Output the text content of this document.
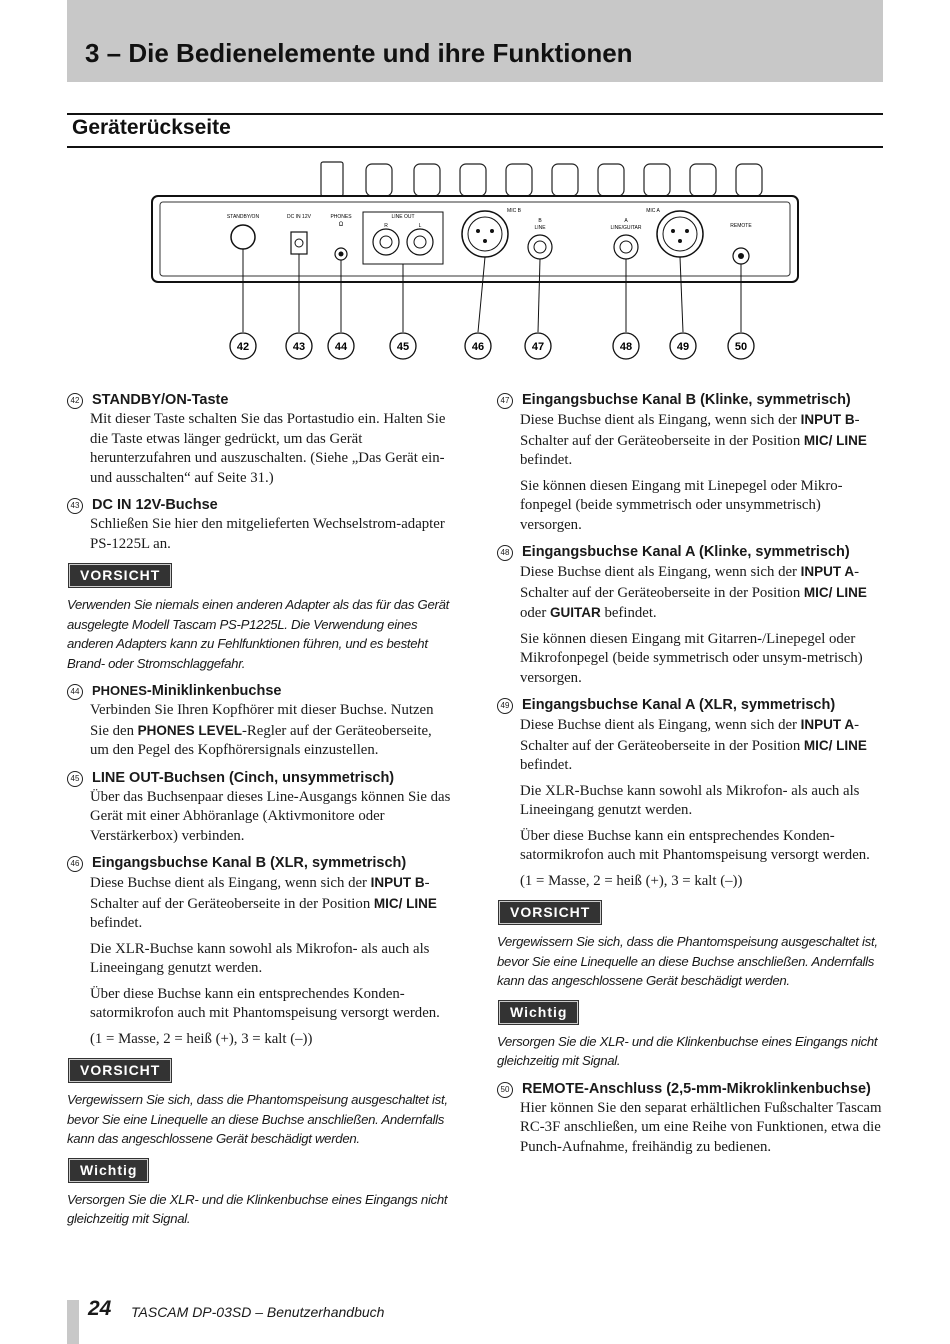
3 – Die Bedienelemente und ihre Funktionen
Geräterückseite
STANDBY/ON	DC IN 12V	PHONES
Ω
LINE OUT
R	L
MIC B
B
LINE
MIC A
A
LINE/GUITAR	REMOTE
42	43	44	45	46	47	48	49	50
42 STANDBY/ON-Taste

Mit dieser Taste schalten Sie das Portastudio ein. Halten Sie die Taste etwas länger gedrückt, um das Gerät herunterzufahren und auszuschalten. (Siehe „Das Gerät ein- und ausschalten“ auf Seite 31.)

43 DC IN 12V-Buchse

Schließen Sie hier den mitgelieferten Wechselstrom-adapter PS-1225L an.

VORSICHT

Verwenden Sie niemals einen anderen Adapter als das für das Gerät ausgelegte Modell Tascam PS-P1225L. Die Verwendung eines anderen Adapters kann zu Fehlfunktionen führen, und es besteht Brand- oder Stromschlaggefahr.

44 PHONES-Miniklinkenbuchse

Verbinden Sie Ihren Kopfhörer mit dieser Buchse. Nutzen Sie den PHONES LEVEL-Regler auf der Geräteoberseite, um den Pegel des Kopfhörersignals einzustellen.

45 LINE OUT-Buchsen (Cinch, unsymmetrisch)

Über das Buchsenpaar dieses Line-Ausgangs können Sie das Gerät mit einer Abhöranlage (Aktivmonitore oder Verstärkerbox) verbinden.

46 Eingangsbuchse Kanal B (XLR, symmetrisch)

Diese Buchse dient als Eingang, wenn sich der INPUT B-Schalter auf der Geräteoberseite in der Position MIC/ LINE befindet.

Die XLR-Buchse kann sowohl als Mikrofon- als auch als Lineeingang genutzt werden.

Über diese Buchse kann ein entsprechendes Konden-satormikrofon auch mit Phantomspeisung versorgt werden.

(1 = Masse, 2 = heiß (+), 3 = kalt (–))

VORSICHT

Vergewissern Sie sich, dass die Phantomspeisung ausgeschaltet ist, bevor Sie eine Linequelle an diese Buchse anschließen. Andernfalls kann das angeschlossene Gerät beschädigt werden.

Wichtig

Versorgen Sie die XLR- und die Klinkenbuchse eines Eingangs nicht gleichzeitig mit Signal.

47 Eingangsbuchse Kanal B (Klinke, symmetrisch)

Diese Buchse dient als Eingang, wenn sich der INPUT B-Schalter auf der Geräteoberseite in der Position MIC/ LINE befindet.

Sie können diesen Eingang mit Linepegel oder Mikro-fonpegel (beide symmetrisch oder unsymmetrisch) versorgen.

48 Eingangsbuchse Kanal A (Klinke, symmetrisch)

Diese Buchse dient als Eingang, wenn sich der INPUT A-Schalter auf der Geräteoberseite in der Position MIC/ LINE oder GUITAR befindet.

Sie können diesen Eingang mit Gitarren-/Linepegel oder Mikrofonpegel (beide symmetrisch oder unsym-metrisch) versorgen.

49 Eingangsbuchse Kanal A (XLR, symmetrisch)

Diese Buchse dient als Eingang, wenn sich der INPUT A-Schalter auf der Geräteoberseite in der Position MIC/ LINE befindet.

Die XLR-Buchse kann sowohl als Mikrofon- als auch als Lineeingang genutzt werden.

Über diese Buchse kann ein entsprechendes Konden-satormikrofon auch mit Phantomspeisung versorgt werden.

(1 = Masse, 2 = heiß (+), 3 = kalt (–))

VORSICHT

Vergewissern Sie sich, dass die Phantomspeisung ausgeschaltet ist, bevor Sie eine Linequelle an diese Buchse anschließen. Andernfalls kann das angeschlossene Gerät beschädigt werden.

Wichtig

Versorgen Sie die XLR- und die Klinkenbuchse eines Eingangs nicht gleichzeitig mit Signal.

50 REMOTE-Anschluss (2,5-mm-Mikroklinkenbuchse)

Hier können Sie den separat erhältlichen Fußschalter Tascam RC-3F anschließen, um eine Reihe von Funktionen, etwa die Punch-Aufnahme, freihändig zu bedienen.

24 TASCAM DP-03SD – Benutzerhandbuch
